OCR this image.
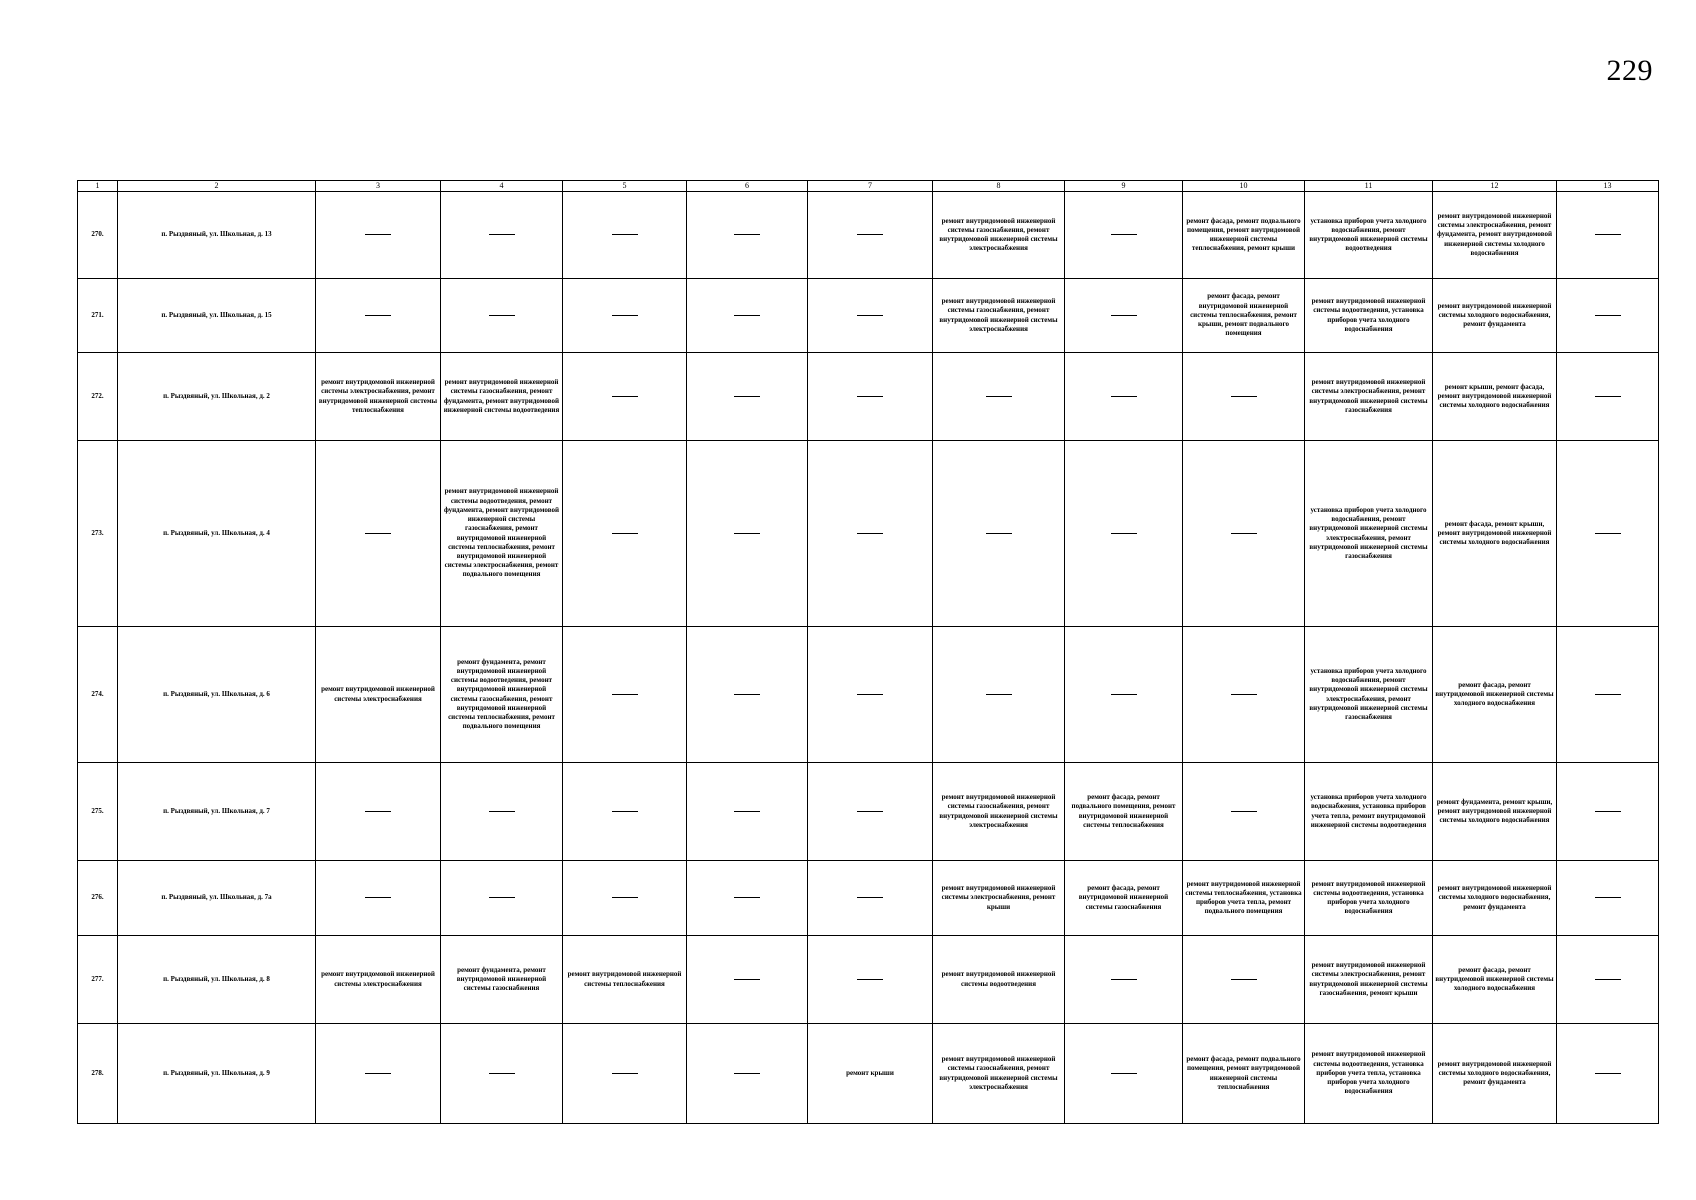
229
1	2	3	4	5	6	7	8	9	10	11	12	13
270.	п. Рыздвяный, ул. Школьная, д. 13						ремонт внутридомовой инженерной системы газоснабжения, ремонт внутридомовой инженерной системы электроснабжения		ремонт фасада, ремонт подвального помещения, ремонт внутридомовой инженерной системы теплоснабжения, ремонт крыши	установка приборов учета холодного водоснабжения, ремонт внутридомовой инженерной системы водоотведения	ремонт внутридомовой инженерной системы электроснабжения, ремонт фундамента, ремонт внутридомовой инженерной системы холодного водоснабжения	
271.	п. Рыздвяный, ул. Школьная, д. 15						ремонт внутридомовой инженерной системы газоснабжения, ремонт внутридомовой инженерной системы электроснабжения		ремонт фасада, ремонт внутридомовой инженерной системы теплоснабжения, ремонт крыши, ремонт подвального помещения	ремонт внутридомовой инженерной системы водоотведения, установка приборов учета холодного водоснабжения	ремонт внутридомовой инженерной системы холодного водоснабжения, ремонт фундамента	
272.	п. Рыздвяный, ул. Школьная, д. 2	ремонт внутридомовой инженерной системы электроснабжения, ремонт внутридомовой инженерной системы теплоснабжения	ремонт внутридомовой инженерной системы газоснабжения, ремонт фундамента, ремонт внутридомовой инженерной системы водоотведения							ремонт внутридомовой инженерной системы электроснабжения, ремонт внутридомовой инженерной системы газоснабжения	ремонт крыши, ремонт фасада, ремонт внутридомовой инженерной системы холодного водоснабжения	
273.	п. Рыздвяный, ул. Школьная, д. 4		ремонт внутридомовой инженерной системы водоотведения, ремонт фундамента, ремонт внутридомовой инженерной системы газоснабжения, ремонт внутридомовой инженерной системы теплоснабжения, ремонт внутридомовой инженерной системы электроснабжения, ремонт подвального помещения							установка приборов учета холодного водоснабжения, ремонт внутридомовой инженерной системы электроснабжения, ремонт внутридомовой инженерной системы газоснабжения	ремонт фасада, ремонт крыши, ремонт внутридомовой инженерной системы холодного водоснабжения	
274.	п. Рыздвяный, ул. Школьная, д. 6	ремонт внутридомовой инженерной системы электроснабжения	ремонт фундамента, ремонт внутридомовой инженерной системы водоотведения, ремонт внутридомовой инженерной системы газоснабжения, ремонт внутридомовой инженерной системы теплоснабжения, ремонт подвального помещения							установка приборов учета холодного водоснабжения, ремонт внутридомовой инженерной системы электроснабжения, ремонт внутридомовой инженерной системы газоснабжения	ремонт фасада, ремонт внутридомовой инженерной системы холодного водоснабжения	
275.	п. Рыздвяный, ул. Школьная, д. 7						ремонт внутридомовой инженерной системы газоснабжения, ремонт внутридомовой инженерной системы электроснабжения	ремонт фасада, ремонт подвального помещения, ремонт внутридомовой инженерной системы теплоснабжения		установка приборов учета холодного водоснабжения, установка приборов учета тепла, ремонт внутридомовой инженерной системы водоотведения	ремонт фундамента, ремонт крыши, ремонт внутридомовой инженерной системы холодного водоснабжения	
276.	п. Рыздвяный, ул. Школьная, д. 7а						ремонт внутридомовой инженерной системы электроснабжения, ремонт крыши	ремонт фасада, ремонт внутридомовой инженерной системы газоснабжения	ремонт внутридомовой инженерной системы теплоснабжения, установка приборов учета тепла, ремонт подвального помещения	ремонт внутридомовой инженерной системы водоотведения, установка приборов учета холодного водоснабжения	ремонт внутридомовой инженерной системы холодного водоснабжения, ремонт фундамента	
277.	п. Рыздвяный, ул. Школьная, д. 8	ремонт внутридомовой инженерной системы электроснабжения	ремонт фундамента, ремонт внутридомовой инженерной системы газоснабжения	ремонт внутридомовой инженерной системы теплоснабжения			ремонт внутридомовой инженерной системы водоотведения			ремонт внутридомовой инженерной системы электроснабжения, ремонт внутридомовой инженерной системы газоснабжения, ремонт крыши	ремонт фасада, ремонт внутридомовой инженерной системы холодного водоснабжения	
278.	п. Рыздвяный, ул. Школьная, д. 9					ремонт крыши	ремонт внутридомовой инженерной системы газоснабжения, ремонт внутридомовой инженерной системы электроснабжения		ремонт фасада, ремонт подвального помещения, ремонт внутридомовой инженерной системы теплоснабжения	ремонт внутридомовой инженерной системы водоотведения, установка приборов учета тепла, установка приборов учета холодного водоснабжения	ремонт внутридомовой инженерной системы холодного водоснабжения, ремонт фундамента	
